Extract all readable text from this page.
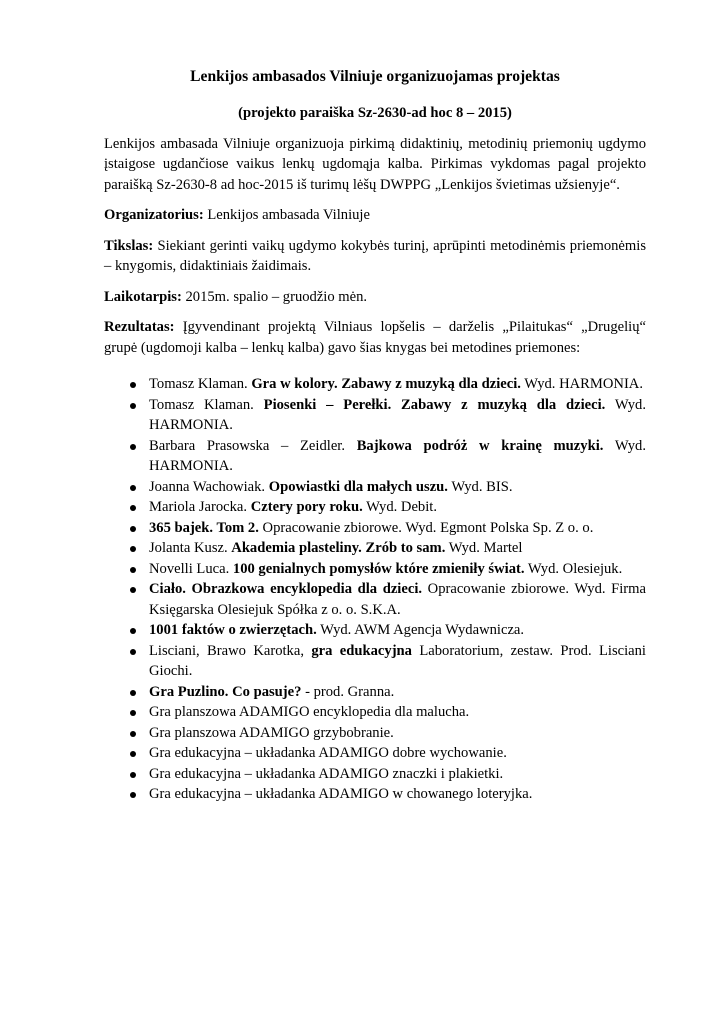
Lenkijos ambasados Vilniuje organizuojamas projektas
(projekto paraiška Sz-2630-ad hoc 8 – 2015)

Lenkijos ambasada Vilniuje organizuoja pirkimą didaktinių, metodinių priemonių ugdymo įstaigose ugdančiose vaikus lenkų ugdomąja kalba. Pirkimas vykdomas pagal projekto paraišką Sz-2630-8 ad hoc-2015 iš turimų lėšų DWPPG „Lenkijos švietimas užsienyje“.

Organizatorius: Lenkijos ambasada Vilniuje

Tikslas: Siekiant gerinti vaikų ugdymo kokybės turinį, aprūpinti metodinėmis priemonėmis – knygomis, didaktiniais žaidimais.

Laikotarpis: 2015m. spalio – gruodžio mėn.

Rezultatas: Įgyvendinant projektą Vilniaus lopšelis – darželis „Pilaitukas“ „Drugelių“ grupė (ugdomoji kalba – lenkų kalba) gavo šias knygas bei metodines priemones:

Tomasz Klaman. Gra w kolory. Zabawy z muzyką dla dzieci. Wyd. HARMONIA.
Tomasz Klaman. Piosenki – Perełki. Zabawy z muzyką dla dzieci. Wyd. HARMONIA.
Barbara Prasowska – Zeidler. Bajkowa podróż w krainę muzyki. Wyd. HARMONIA.
Joanna Wachowiak. Opowiastki dla małych uszu. Wyd. BIS.
Mariola Jarocka. Cztery pory roku. Wyd. Debit.
365 bajek. Tom 2. Opracowanie zbiorowe. Wyd. Egmont Polska Sp. Z o. o.
Jolanta Kusz. Akademia plasteliny. Zrób to sam. Wyd. Martel
Novelli Luca. 100 genialnych pomysłów które zmieniły świat. Wyd. Olesiejuk.
Ciało. Obrazkowa encyklopedia dla dzieci. Opracowanie zbiorowe. Wyd. Firma Księgarska Olesiejuk Spółka z o. o. S.K.A.
1001 faktów o zwierzętach. Wyd. AWM Agencja Wydawnicza.
Lisciani, Brawo Karotka, gra edukacyjna Laboratorium, zestaw. Prod. Lisciani Giochi.
Gra Puzlino. Co pasuje? - prod. Granna.
Gra planszowa ADAMIGO encyklopedia dla malucha.
Gra planszowa ADAMIGO grzybobranie.
Gra edukacyjna – układanka ADAMIGO dobre wychowanie.
Gra edukacyjna – układanka ADAMIGO znaczki i plakietki.
Gra edukacyjna – układanka ADAMIGO w chowanego loteryjka.
